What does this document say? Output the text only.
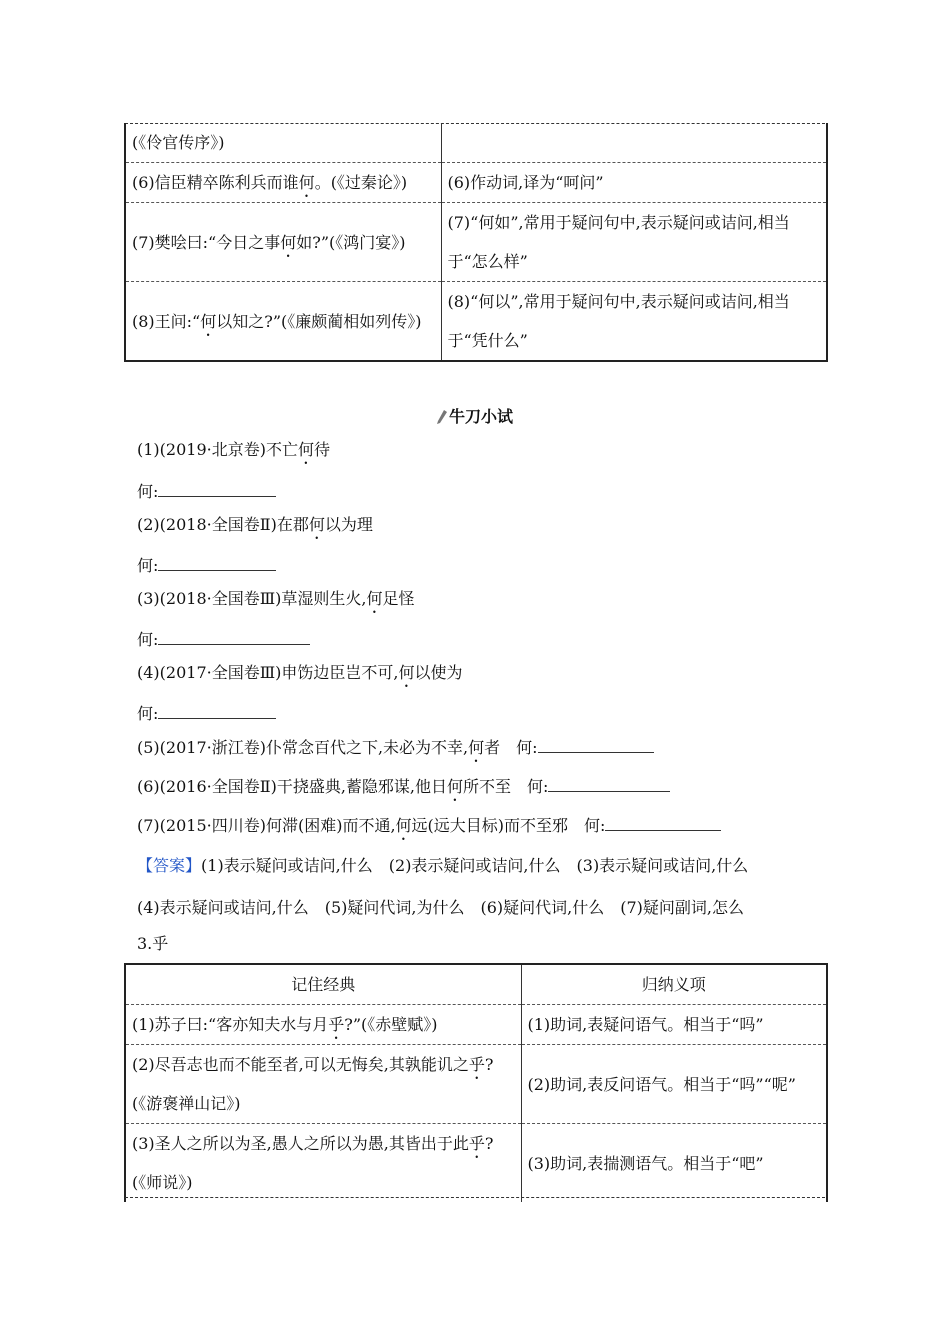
(《伶官传序》)	
(6)信臣精卒陈利兵而谁何。(《过秦论》)	(6)作动词,译为“呵问”
(7)樊哙曰:“今日之事何如?”(《鸿门宴》)	(7)“何如”,常用于疑问句中,表示疑问或诘问,相当于“怎么样”
(8)王问:“何以知之?”(《廉颇蔺相如列传》)	(8)“何以”,常用于疑问句中,表示疑问或诘问,相当于“凭什么”
牛刀小试
(1)(2019·北京卷)不亡何待
何:
(2)(2018·全国卷Ⅱ)在郡何以为理
何:
(3)(2018·全国卷Ⅲ)草湿则生火,何足怪
何:
(4)(2017·全国卷Ⅲ)申饬边臣岂不可,何以使为
何:
(5)(2017·浙江卷)仆常念百代之下,未必为不幸,何者　何:
(6)(2016·全国卷Ⅱ)干挠盛典,蓄隐邪谋,他日何所不至　何:
(7)(2015·四川卷)何滞(困难)而不通,何远(远大目标)而不至邪　何:
【答案】(1)表示疑问或诘问,什么　(2)表示疑问或诘问,什么　(3)表示疑问或诘问,什么
(4)表示疑问或诘问,什么　(5)疑问代词,为什么　(6)疑问代词,什么　(7)疑问副词,怎么
3.乎
记住经典	归纳义项
(1)苏子曰:“客亦知夫水与月乎?”(《赤壁赋》)	(1)助词,表疑问语气。相当于“吗”
(2)尽吾志也而不能至者,可以无悔矣,其孰能讥之乎?(《游褒禅山记》)	(2)助词,表反问语气。相当于“吗”“呢”
(3)圣人之所以为圣,愚人之所以为愚,其皆出于此乎?(《师说》)	(3)助词,表揣测语气。相当于“吧”
